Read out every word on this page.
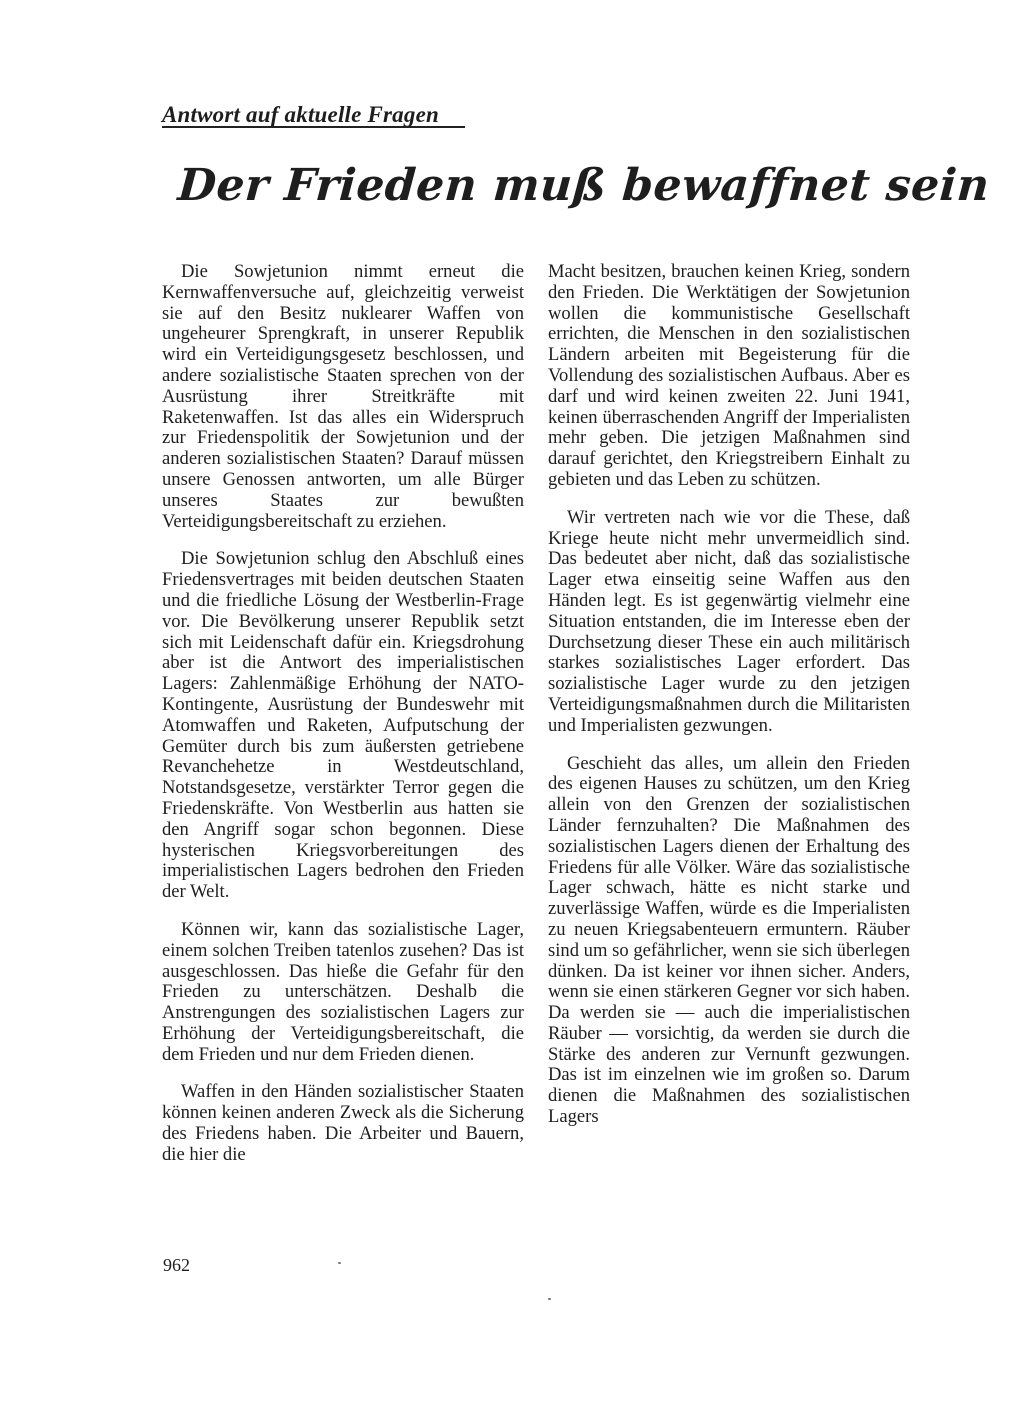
Antwort auf aktuelle Fragen
Der Frieden muß bewaffnet sein

Die Sowjetunion nimmt erneut die Kernwaffenversuche auf, gleichzeitig verweist sie auf den Besitz nuklearer Waffen von ungeheurer Sprengkraft, in unserer Republik wird ein Verteidigungsgesetz beschlossen, und andere sozialistische Staaten sprechen von der Ausrüstung ihrer Streitkräfte mit Raketenwaffen. Ist das alles ein Widerspruch zur Friedenspolitik der Sowjetunion und der anderen sozialistischen Staaten? Darauf müssen unsere Genossen antworten, um alle Bürger unseres Staates zur bewußten Verteidigungsbereitschaft zu erziehen.

Die Sowjetunion schlug den Abschluß eines Friedensvertrages mit beiden deutschen Staaten und die friedliche Lösung der Westberlin-Frage vor. Die Bevölkerung unserer Republik setzt sich mit Leidenschaft dafür ein. Kriegsdrohung aber ist die Antwort des imperialistischen Lagers: Zahlenmäßige Erhöhung der NATO-Kontingente, Ausrüstung der Bundeswehr mit Atomwaffen und Raketen, Aufputschung der Gemüter durch bis zum äußersten getriebene Revanchehetze in Westdeutschland, Notstandsgesetze, verstärkter Terror gegen die Friedenskräfte. Von Westberlin aus hatten sie den Angriff sogar schon begonnen. Diese hysterischen Kriegsvorbereitungen des imperialistischen Lagers bedrohen den Frieden der Welt.

Können wir, kann das sozialistische Lager, einem solchen Treiben tatenlos zusehen? Das ist ausgeschlossen. Das hieße die Gefahr für den Frieden zu unterschätzen. Deshalb die Anstrengungen des sozialistischen Lagers zur Erhöhung der Verteidigungsbereitschaft, die dem Frieden und nur dem Frieden dienen.

Waffen in den Händen sozialistischer Staaten können keinen anderen Zweck als die Sicherung des Friedens haben. Die Arbeiter und Bauern, die hier die

Macht besitzen, brauchen keinen Krieg, sondern den Frieden. Die Werktätigen der Sowjetunion wollen die kommunistische Gesellschaft errichten, die Menschen in den sozialistischen Ländern arbeiten mit Begeisterung für die Vollendung des sozialistischen Aufbaus. Aber es darf und wird keinen zweiten 22. Juni 1941, keinen überraschenden Angriff der Imperialisten mehr geben. Die jetzigen Maßnahmen sind darauf gerichtet, den Kriegstreibern Einhalt zu gebieten und das Leben zu schützen.

Wir vertreten nach wie vor die These, daß Kriege heute nicht mehr unvermeidlich sind. Das bedeutet aber nicht, daß das sozialistische Lager etwa einseitig seine Waffen aus den Händen legt. Es ist gegenwärtig vielmehr eine Situation entstanden, die im Interesse eben der Durchsetzung dieser These ein auch militärisch starkes sozialistisches Lager erfordert. Das sozialistische Lager wurde zu den jetzigen Verteidigungsmaßnahmen durch die Militaristen und Imperialisten gezwungen.

Geschieht das alles, um allein den Frieden des eigenen Hauses zu schützen, um den Krieg allein von den Grenzen der sozialistischen Länder fernzuhalten? Die Maßnahmen des sozialistischen Lagers dienen der Erhaltung des Friedens für alle Völker. Wäre das sozialistische Lager schwach, hätte es nicht starke und zuverlässige Waffen, würde es die Imperialisten zu neuen Kriegsabenteuern ermuntern. Räuber sind um so gefährlicher, wenn sie sich überlegen dünken. Da ist keiner vor ihnen sicher. Anders, wenn sie einen stärkeren Gegner vor sich haben. Da werden sie — auch die imperialistischen Räuber — vorsichtig, da werden sie durch die Stärke des anderen zur Vernunft gezwungen. Das ist im einzelnen wie im großen so. Darum dienen die Maßnahmen des sozialistischen Lagers

962
